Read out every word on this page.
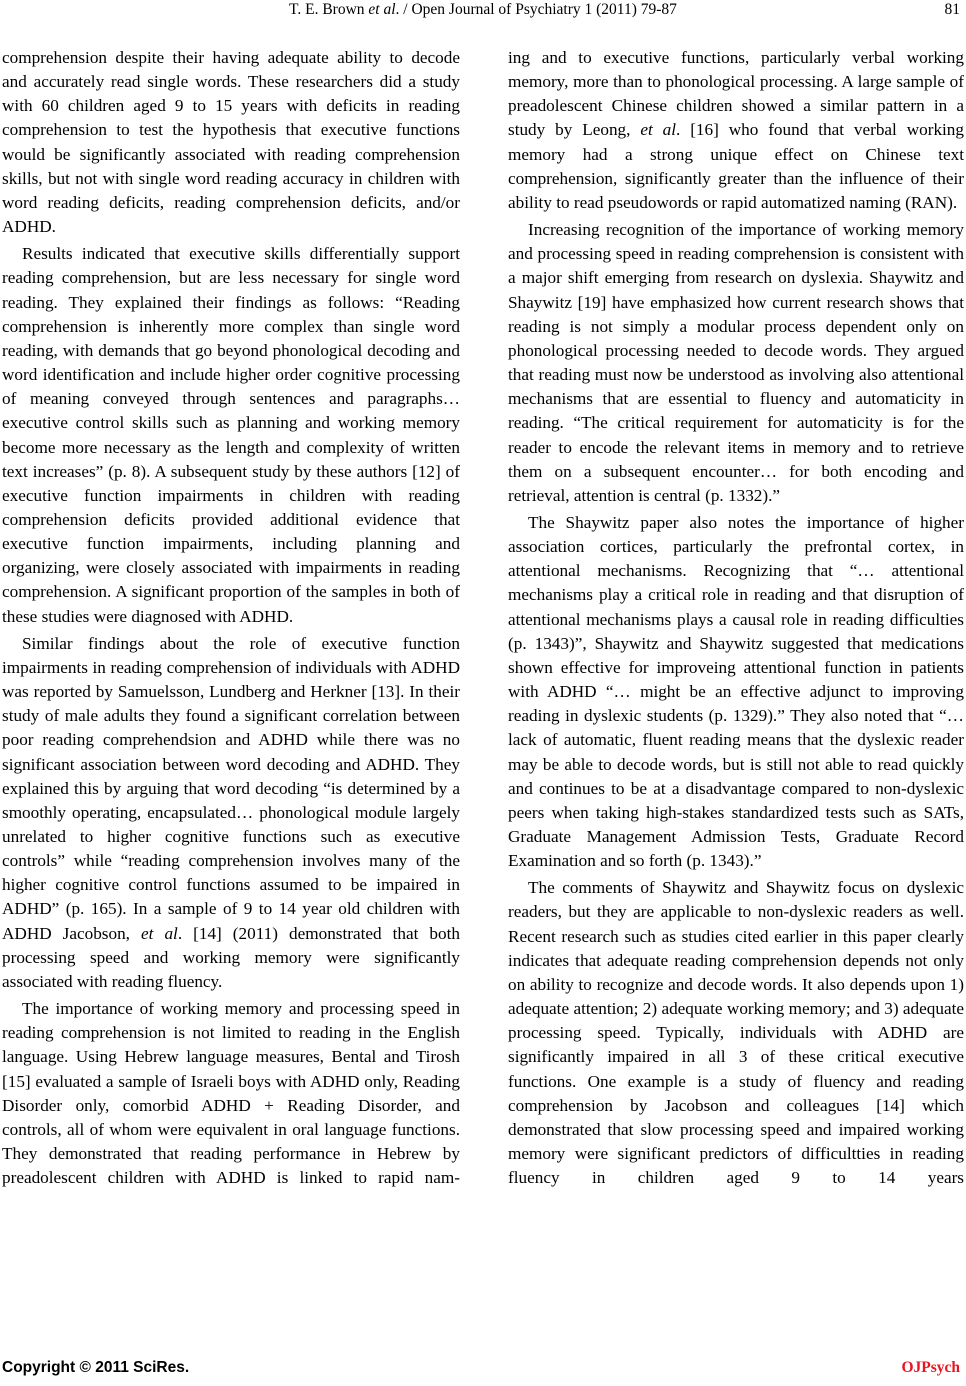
T. E. Brown et al. / Open Journal of Psychiatry 1 (2011) 79-87	81

comprehension despite their having adequate ability to decode and accurately read single words. These researchers did a study with 60 children aged 9 to 15 years with deficits in reading comprehension to test the hypothesis that executive functions would be significantly associated with reading comprehension skills, but not with single word reading accuracy in children with word reading deficits, reading comprehension deficits, and/or ADHD.

Results indicated that executive skills differentially support reading comprehension, but are less necessary for single word reading. They explained their findings as follows: “Reading comprehension is inherently more complex than single word reading, with demands that go beyond phonological decoding and word identification and include higher order cognitive processing of meaning conveyed through sentences and paragraphs… executive control skills such as planning and working memory become more necessary as the length and complexity of written text increases” (p. 8). A subsequent study by these authors [12] of executive function impairments in children with reading comprehension deficits provided additional evidence that executive function impairments, including planning and organizing, were closely associated with impairments in reading comprehension. A significant proportion of the samples in both of these studies were diagnosed with ADHD.

Similar findings about the role of executive function impairments in reading comprehension of individuals with ADHD was reported by Samuelsson, Lundberg and Herkner [13]. In their study of male adults they found a significant correlation between poor reading comprehendsion and ADHD while there was no significant association between word decoding and ADHD. They explained this by arguing that word decoding “is determined by a smoothly operating, encapsulated… phonological module largely unrelated to higher cognitive functions such as executive controls” while “reading comprehension involves many of the higher cognitive control functions assumed to be impaired in ADHD” (p. 165). In a sample of 9 to 14 year old children with ADHD Jacobson, et al. [14] (2011) demonstrated that both processing speed and working memory were significantly associated with reading fluency.

The importance of working memory and processing speed in reading comprehension is not limited to reading in the English language. Using Hebrew language measures, Bental and Tirosh [15] evaluated a sample of Israeli boys with ADHD only, Reading Disorder only, comorbid ADHD + Reading Disorder, and controls, all of whom were equivalent in oral language functions. They demonstrated that reading performance in Hebrew by preadolescent children with ADHD is linked to rapid nam-

ing and to executive functions, particularly verbal working memory, more than to phonological processing. A large sample of preadolescent Chinese children showed a similar pattern in a study by Leong, et al. [16] who found that verbal working memory had a strong unique effect on Chinese text comprehension, significantly greater than the influence of their ability to read pseudowords or rapid automatized naming (RAN).

Increasing recognition of the importance of working memory and processing speed in reading comprehension is consistent with a major shift emerging from research on dyslexia. Shaywitz and Shaywitz [19] have emphasized how current research shows that reading is not simply a modular process dependent only on phonological processing needed to decode words. They argued that reading must now be understood as involving also attentional mechanisms that are essential to fluency and automaticity in reading. “The critical requirement for automaticity is for the reader to encode the relevant items in memory and to retrieve them on a subsequent encounter… for both encoding and retrieval, attention is central (p. 1332).”

The Shaywitz paper also notes the importance of higher association cortices, particularly the prefrontal cortex, in attentional mechanisms. Recognizing that “… attentional mechanisms play a critical role in reading and that disruption of attentional mechanisms plays a causal role in reading difficulties (p. 1343)”, Shaywitz and Shaywitz suggested that medications shown effective for improveing attentional function in patients with ADHD “… might be an effective adjunct to improving reading in dyslexic students (p. 1329).” They also noted that “… lack of automatic, fluent reading means that the dyslexic reader may be able to decode words, but is still not able to read quickly and continues to be at a disadvantage compared to non-dyslexic peers when taking high-stakes standardized tests such as SATs, Graduate Management Admission Tests, Graduate Record Examination and so forth (p. 1343).”

The comments of Shaywitz and Shaywitz focus on dyslexic readers, but they are applicable to non-dyslexic readers as well. Recent research such as studies cited earlier in this paper clearly indicates that adequate reading comprehension depends not only on ability to recognize and decode words. It also depends upon 1) adequate attention; 2) adequate working memory; and 3) adequate processing speed. Typically, individuals with ADHD are significantly impaired in all 3 of these critical executive functions. One example is a study of fluency and reading comprehension by Jacobson and colleagues [14] which demonstrated that slow processing speed and impaired working memory were significant predictors of difficultties in reading fluency in children aged 9 to 14 years

Copyright © 2011 SciRes.	OJPsych
